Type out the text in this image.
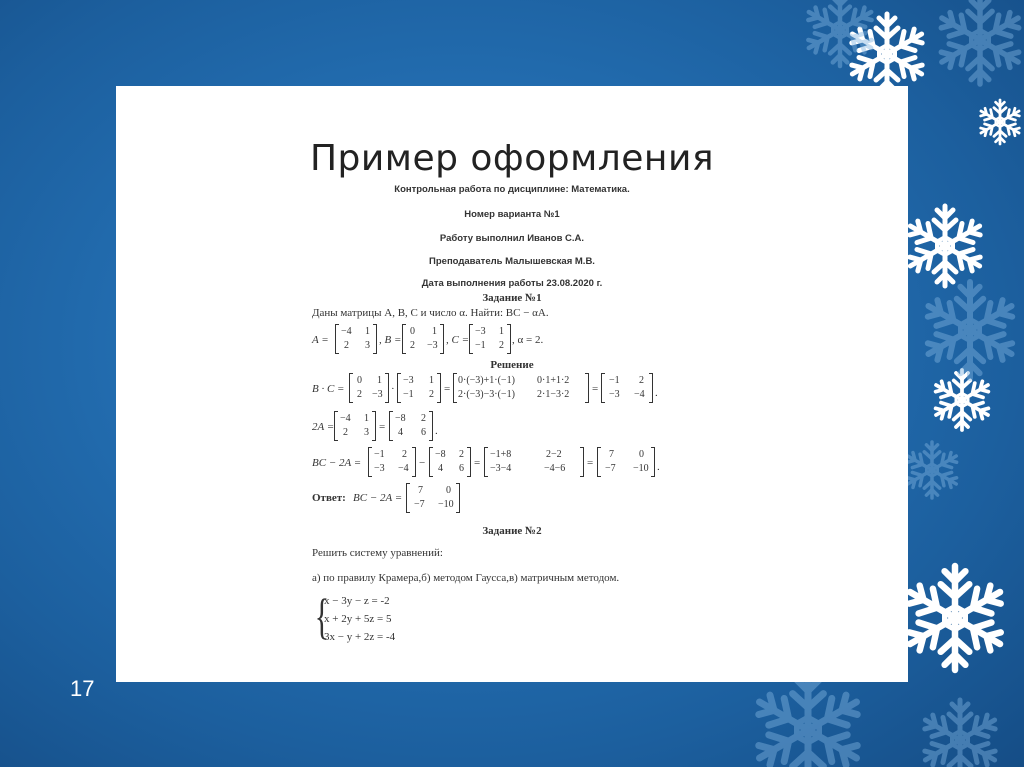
17
Пример оформления
Контрольная работа по дисциплине: Математика.
Номер варианта №1
Работу выполнил Иванов С.А.
Преподаватель Малышевская М.В.
Дата выполнения работы 23.08.2020 г.
Задание №1
Даны матрицы A, B, C и число α. Найти: BC − αA.
A =
−4 1
2 3 , B =
0 1
2 −3 , C =
−3 1
−1 2 , α = 2.
Решение
B · C =
0 1
2 −3 ·
−3 1
−1 2 =
0·(−3)+1·(−1) 0·1+1·2
2·(−3)−3·(−1) 2·1−3·2 =
−1 2
−3 −4 .
2A =
−4 1
2 3 =
−8 2
4 6 .
BC − 2A =
−1 2
−3 −4 −
−8 2
4 6 =
−1+8	2−2
−3−4	−4−6 =
7	0
−7 −10 .
Ответ: BC − 2A =
7 0
−7 −10
Задание №2
Решить систему уравнений:
а) по правилу Крамера,б) методом Гаусса,в) матричным методом.
{
x − 3y − z = -2
x + 2y + 5z = 5
3x − y + 2z = -4
